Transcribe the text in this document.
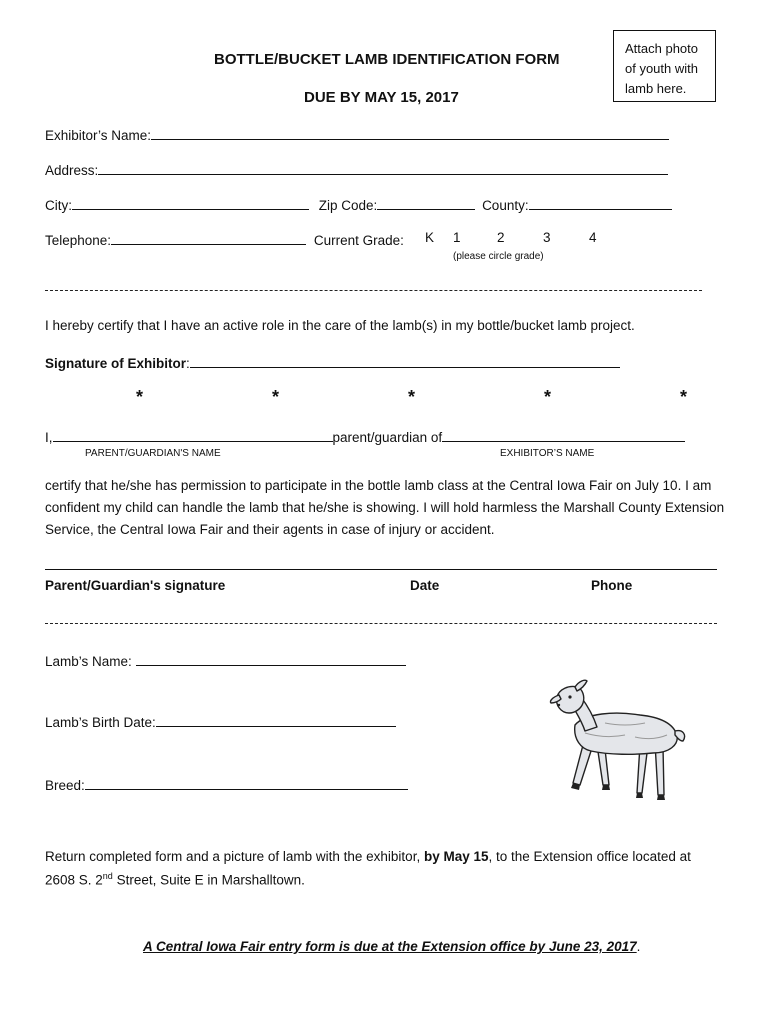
BOTTLE/BUCKET LAMB IDENTIFICATION FORM
DUE BY MAY 15, 2017
Attach photo
of youth with
lamb here.
Exhibitor’s Name:
Address:
City:	Zip Code:	County:
Telephone:	Current Grade: K 1	2	3	4
(please circle grade)
I hereby certify that I have an active role in the care of the lamb(s) in my bottle/bucket lamb project.
Signature of Exhibitor:
*	*	*	*	*
I,	parent/guardian of
PARENT/GUARDIAN'S NAME	EXHIBITOR’S NAME
certify that he/she has permission to participate in the bottle lamb class at the Central Iowa Fair on July 10. I am confident my child can handle the lamb that he/she is showing. I will hold harmless the Marshall County Extension Service, the Central Iowa Fair and their agents in case of injury or accident.
Parent/Guardian's signature	Date	Phone
Lamb’s Name:
Lamb’s Birth Date:
Breed:
Return completed form and a picture of lamb with the exhibitor, by May 15, to the Extension office located at
2608 S. 2nd Street, Suite E in Marshalltown.
A Central Iowa Fair entry form is due at the Extension office by June 23, 2017.
